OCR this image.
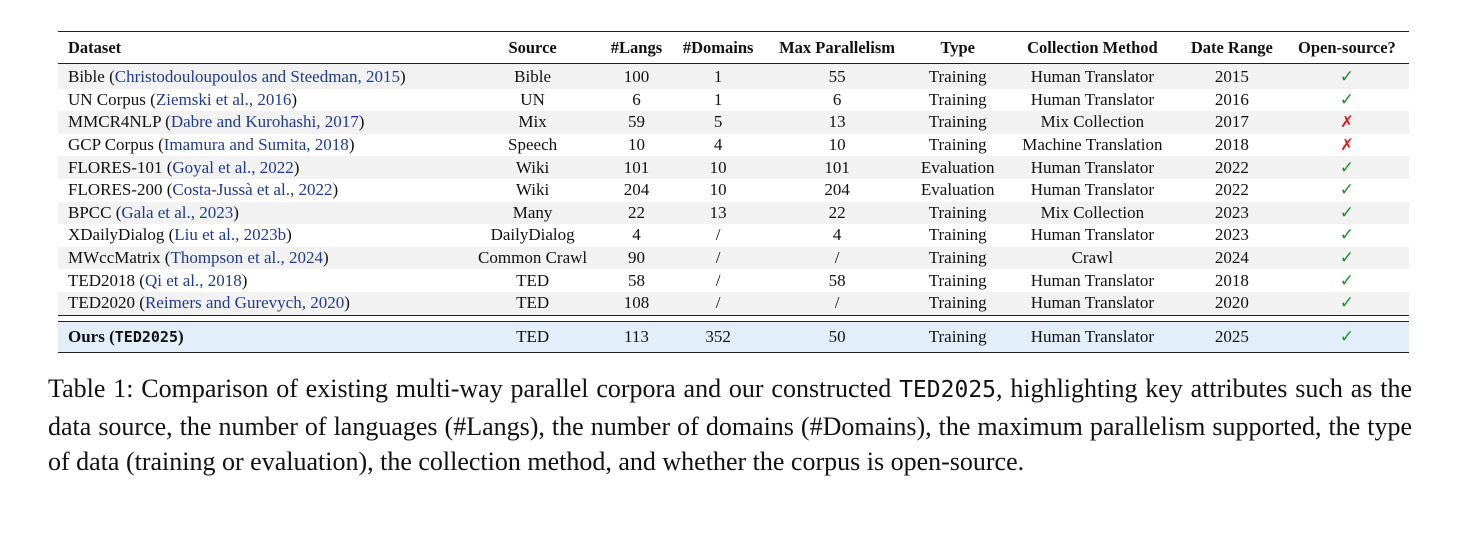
Dataset	Source	#Langs	#Domains	Max Parallelism	Type	Collection Method	Date Range	Open-source?
Bible (Christodouloupoulos and Steedman, 2015)	Bible	100	1	55	Training	Human Translator	2015	✓
UN Corpus (Ziemski et al., 2016)	UN	6	1	6	Training	Human Translator	2016	✓
MMCR4NLP (Dabre and Kurohashi, 2017)	Mix	59	5	13	Training	Mix Collection	2017	✗
GCP Corpus (Imamura and Sumita, 2018)	Speech	10	4	10	Training	Machine Translation	2018	✗
FLORES-101 (Goyal et al., 2022)	Wiki	101	10	101	Evaluation	Human Translator	2022	✓
FLORES-200 (Costa-Jussà et al., 2022)	Wiki	204	10	204	Evaluation	Human Translator	2022	✓
BPCC (Gala et al., 2023)	Many	22	13	22	Training	Mix Collection	2023	✓
XDailyDialog (Liu et al., 2023b)	DailyDialog	4	/	4	Training	Human Translator	2023	✓
MWccMatrix (Thompson et al., 2024)	Common Crawl	90	/	/	Training	Crawl	2024	✓
TED2018 (Qi et al., 2018)	TED	58	/	58	Training	Human Translator	2018	✓
TED2020 (Reimers and Gurevych, 2020)	TED	108	/	/	Training	Human Translator	2020	✓

Ours (TED2025)	TED	113	352	50	Training	Human Translator	2025	✓
Table 1: Comparison of existing multi-way parallel corpora and our constructed TED2025, highlighting key attributes such as the data source, the number of languages (#Langs), the number of domains (#Domains), the maximum parallelism supported, the type of data (training or evaluation), the collection method, and whether the corpus is open-source.
